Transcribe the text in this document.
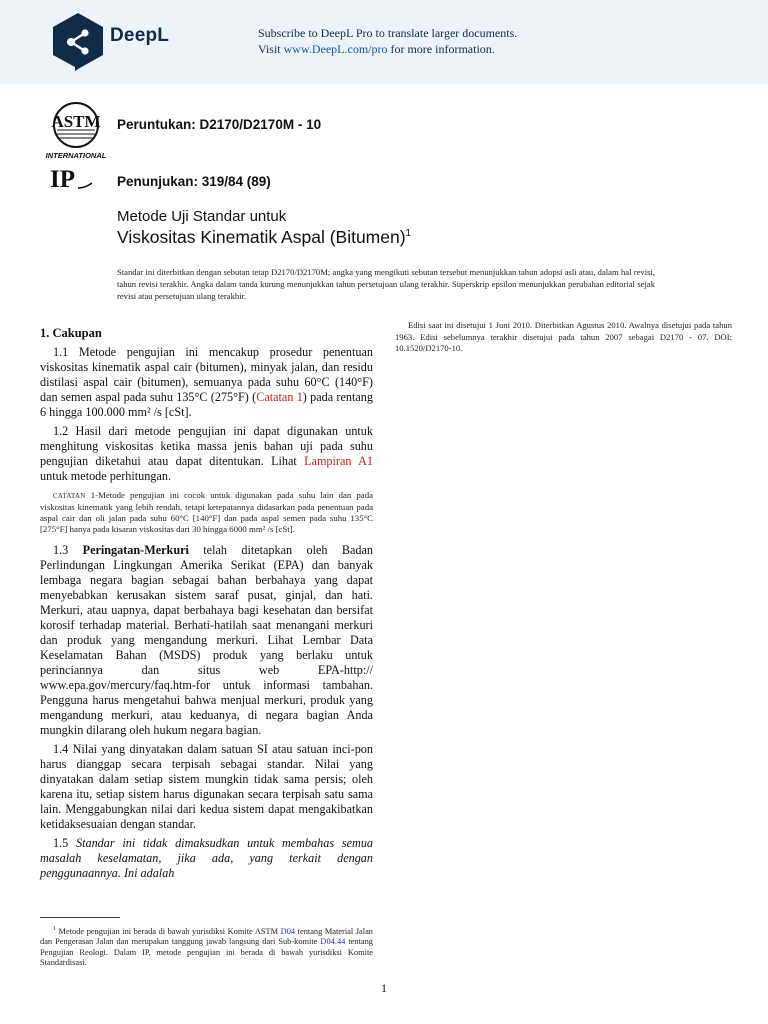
DeepL	Subscribe to DeepL Pro to translate larger documents.
Visit www.DeepL.com/pro for more information.
ASTM
INTERNATIONAL
IP
Peruntukan: D2170/D2170M - 10
Penunjukan: 319/84 (89)
Metode Uji Standar untuk
Viskositas Kinematik Aspal (Bitumen)$^1$
Standar ini diterbitkan dengan sebutan tetap D2170/D2170M; angka yang mengikuti sebutan tersebut menunjukkan tahun adopsi asli atau, dalam hal revisi, tahun revisi terakhir. Angka dalam tanda kurung menunjukkan tahun persetujuan ulang terakhir. Superskrip epsilon menunjukkan perubahan editorial sejak revisi atau persetujuan ulang terakhir.
1. Cakupan

1.1 Metode pengujian ini mencakup prosedur penentuan viskositas kinematik aspal cair (bitumen), minyak jalan, dan residu distilasi aspal cair (bitumen), semuanya pada suhu 60°C (140°F) dan semen aspal pada suhu 135°C (275°F) (Catatan 1) pada rentang 6 hingga 100.000 mm² /s [cSt].

1.2 Hasil dari metode pengujian ini dapat digunakan untuk menghitung viskositas ketika massa jenis bahan uji pada suhu pengujian diketahui atau dapat ditentukan. Lihat Lampiran A1 untuk metode perhitungan.

CATATAN 1-Metode pengujian ini cocok untuk digunakan pada suhu lain dan pada viskositas kinematik yang lebih rendah, tetapi ketepatannya didasarkan pada penentuan pada aspal cair dan oli jalan pada suhu 60°C [140°F] dan pada aspal semen pada suhu 135°C [275°F] hanya pada kisaran viskositas dari 30 hingga 6000 mm² /s [cSt].

1.3 Peringatan-Merkuri telah ditetapkan oleh Badan Perlindungan Lingkungan Amerika Serikat (EPA) dan banyak lembaga negara bagian sebagai bahan berbahaya yang dapat menyebabkan kerusakan sistem saraf pusat, ginjal, dan hati. Merkuri, atau uapnya, dapat berbahaya bagi kesehatan dan bersifat korosif terhadap material. Berhati-hatilah saat menangani merkuri dan produk yang mengandung merkuri. Lihat Lembar Data Keselamatan Bahan (MSDS) produk yang berlaku untuk perinciannya dan situs web EPA-http:// www.epa.gov/mercury/faq.htm-for untuk informasi tambahan. Pengguna harus mengetahui bahwa menjual merkuri, produk yang mengandung merkuri, atau keduanya, di negara bagian Anda mungkin dilarang oleh hukum negara bagian.

1.4 Nilai yang dinyatakan dalam satuan SI atau satuan inci-pon harus dianggap secara terpisah sebagai standar. Nilai yang dinyatakan dalam setiap sistem mungkin tidak sama persis; oleh karena itu, setiap sistem harus digunakan secara terpisah satu sama lain. Menggabungkan nilai dari kedua sistem dapat mengakibatkan ketidaksesuaian dengan standar.

1.5 Standar ini tidak dimaksudkan untuk membahas semua masalah keselamatan, jika ada, yang terkait dengan penggunaannya. Ini adalah

Edisi saat ini disetujui 1 Juni 2010. Diterbitkan Agustus 2010. Awalnya disetujui pada tahun 1963. Edisi sebelumnya terakhir disetujui pada tahun 2007 sebagai D2170 - 07. DOI: 10.1520/D2170-10.

$^1$ Metode pengujian ini berada di bawah yurisdiksi Komite ASTM D04 tentang Material Jalan dan Pengerasan Jalan dan merupakan tanggung jawab langsung dari Sub-komite D04.44 tentang Pengujian Reologi. Dalam IP, metode pengujian ini berada di bawah yurisdiksi Komite Standardisasi.
1
